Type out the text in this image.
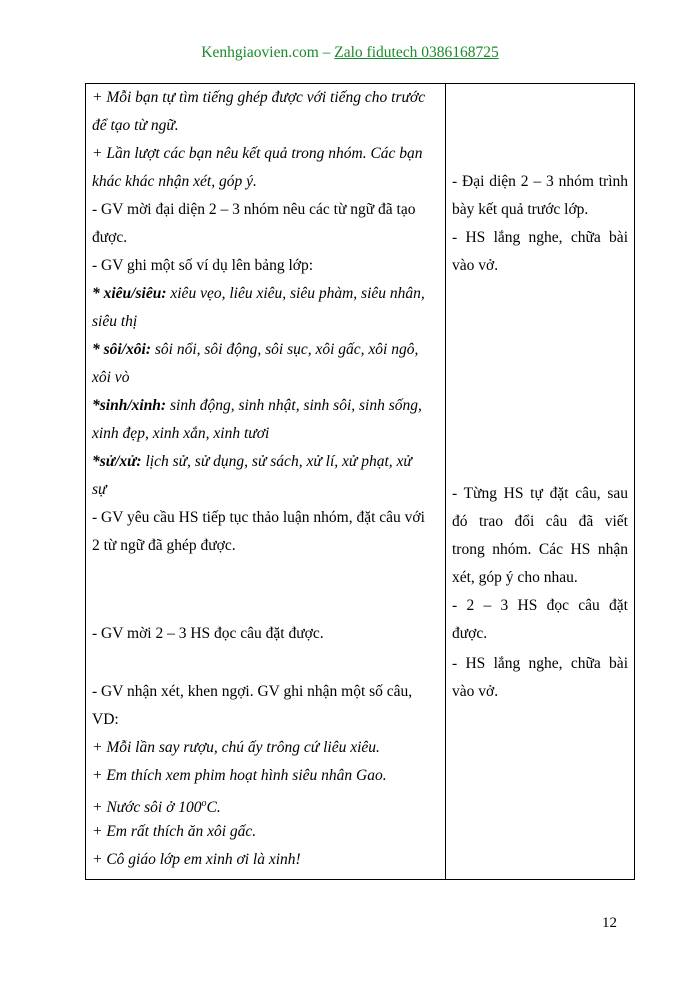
Kenhgiaovien.com – Zalo fidutech 0386168725
+ Mỗi bạn tự tìm tiếng ghép được với tiếng cho trước
để tạo từ ngữ.
+ Lần lượt các bạn nêu kết quả trong nhóm. Các bạn
khác khác nhận xét, góp ý.
- GV mời đại diện 2 – 3 nhóm nêu các từ ngữ đã tạo
được.
- GV ghi một số ví dụ lên bảng lớp:
* xiêu/siêu: xiêu vẹo, liêu xiêu, siêu phàm, siêu nhân,
siêu thị
* sôi/xôi: sôi nổi, sôi động, sôi sục, xôi gấc, xôi ngô,
xôi vò
*sinh/xinh: sinh động, sinh nhật, sinh sôi, sinh sống,
xinh đẹp, xinh xắn, xinh tươi
*sử/xử: lịch sử, sử dụng, sử sách, xử lí, xử phạt, xử
sự
- GV yêu cầu HS tiếp tục thảo luận nhóm, đặt câu với
2 từ ngữ đã ghép được.
- GV mời 2 – 3 HS đọc câu đặt được.
- GV nhận xét, khen ngợi. GV ghi nhận một số câu,
VD:
+ Mỗi lần say rượu, chú ấy trông cứ liêu xiêu.
+ Em thích xem phim hoạt hình siêu nhân Gao.
+ Nước sôi ở $100^oC$.
+ Em rất thích ăn xôi gấc.
+ Cô giáo lớp em xinh ơi là xinh!
- Đại diện 2 – 3 nhóm trình
bày kết quả trước lớp.
- HS lắng nghe, chữa bài
vào vở.
- Từng HS tự đặt câu, sau
đó trao đổi câu đã viết
trong nhóm. Các HS nhận
xét, góp ý cho nhau.
- 2 – 3 HS đọc câu đặt
được.
- HS lắng nghe, chữa bài
vào vở.
12
